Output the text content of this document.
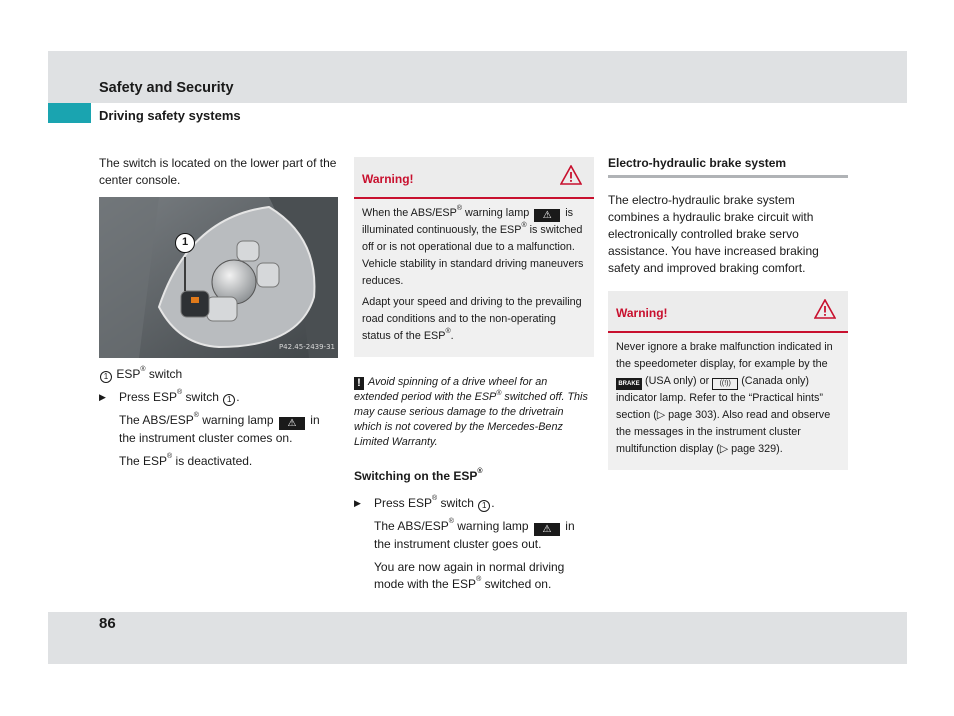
Safety and Security
Driving safety systems

The switch is located on the lower part of the center console.

1
P42.45-2439-31

1 ESP® switch

▶ Press ESP® switch 1 .

The ABS/ESP® warning lamp ⚠ in the instrument cluster comes on.

The ESP® is deactivated.

Warning!

When the ABS/ESP® warning lamp ⚠ is illuminated continuously, the ESP® is switched off or is not operational due to a malfunction. Vehicle stability in standard driving maneuvers reduces.

Adapt your speed and driving to the prevailing road conditions and to the non-operating status of the ESP®.

! Avoid spinning of a drive wheel for an extended period with the ESP® switched off. This may cause serious damage to the drivetrain which is not covered by the Mercedes-Benz Limited Warranty.

Switching on the ESP®
▶ Press ESP® switch 1 .

The ABS/ESP® warning lamp ⚠ in the instrument cluster goes out.

You are now again in normal driving mode with the ESP® switched on.

Electro-hydraulic brake system

The electro-hydraulic brake system combines a hydraulic brake circuit with electronically controlled brake servo assistance. You have increased braking safety and improved braking comfort.

Warning!

Never ignore a brake malfunction indicated in the speedometer display, for example by the BRAKE (USA only) or ((!)) (Canada only) indicator lamp. Refer to the “Practical hints” section (▷ page 303). Also read and observe the messages in the instrument cluster multifunction display (▷ page 329).

86
